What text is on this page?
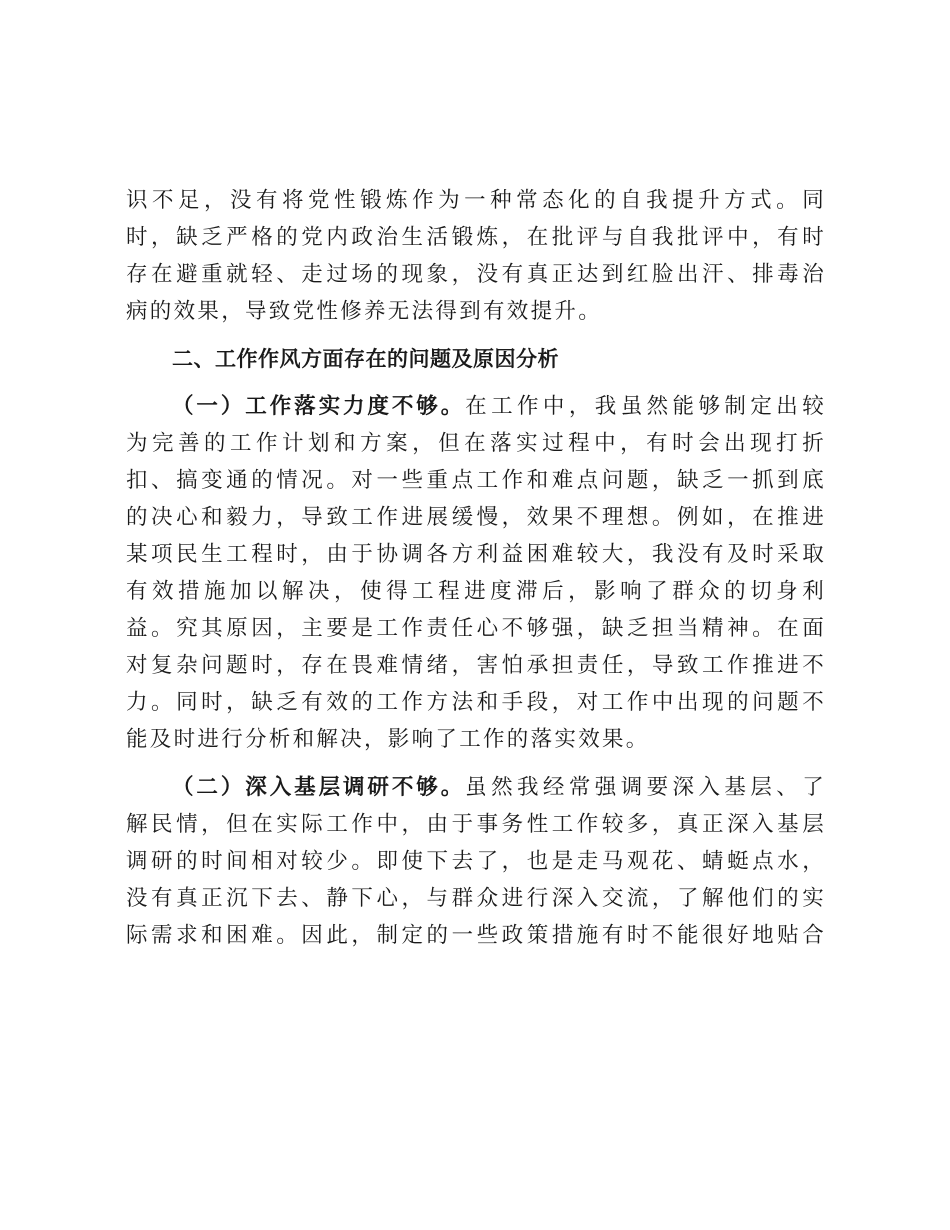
识不足，没有将党性锻炼作为一种常态化的自我提升方式。同
时，缺乏严格的党内政治生活锻炼，在批评与自我批评中，有时
存在避重就轻、走过场的现象，没有真正达到红脸出汗、排毒治
病的效果，导致党性修养无法得到有效提升。
二、工作作风方面存在的问题及原因分析
（一）工作落实力度不够。在工作中，我虽然能够制定出较
为完善的工作计划和方案，但在落实过程中，有时会出现打折
扣、搞变通的情况。对一些重点工作和难点问题，缺乏一抓到底
的决心和毅力，导致工作进展缓慢，效果不理想。例如，在推进
某项民生工程时，由于协调各方利益困难较大，我没有及时采取
有效措施加以解决，使得工程进度滞后，影响了群众的切身利
益。究其原因，主要是工作责任心不够强，缺乏担当精神。在面
对复杂问题时，存在畏难情绪，害怕承担责任，导致工作推进不
力。同时，缺乏有效的工作方法和手段，对工作中出现的问题不
能及时进行分析和解决，影响了工作的落实效果。
（二）深入基层调研不够。虽然我经常强调要深入基层、了
解民情，但在实际工作中，由于事务性工作较多，真正深入基层
调研的时间相对较少。即使下去了，也是走马观花、蜻蜓点水，
没有真正沉下去、静下心，与群众进行深入交流，了解他们的实
际需求和困难。因此，制定的一些政策措施有时不能很好地贴合
